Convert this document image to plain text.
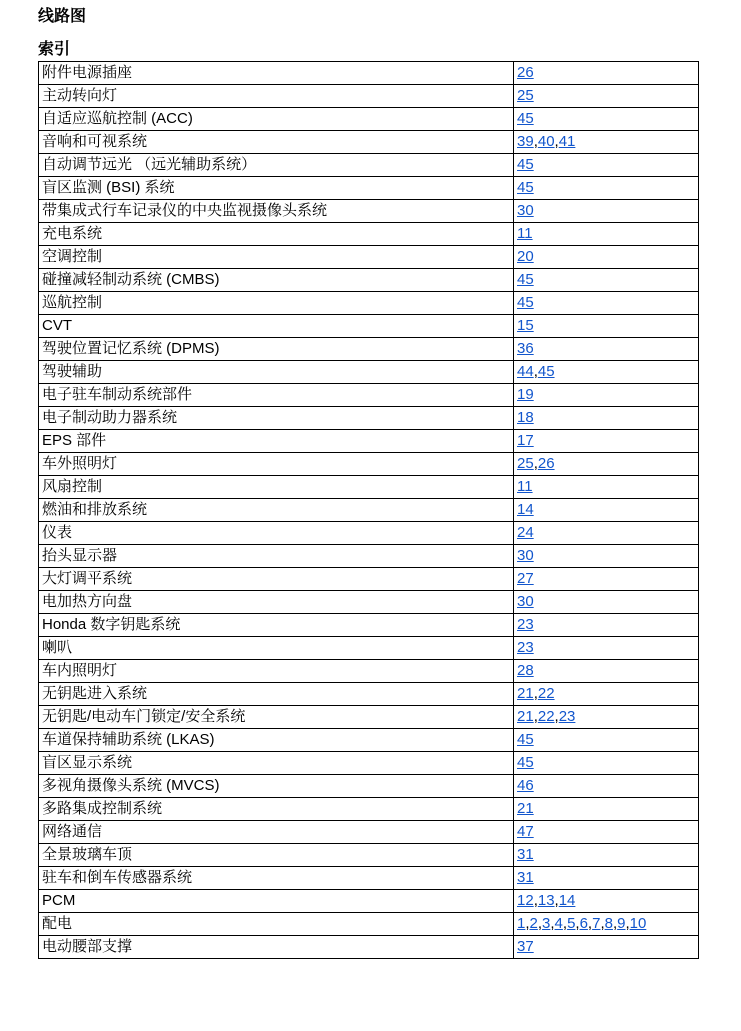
线路图
索引
附件电源插座	26
主动转向灯	25
自适应巡航控制 (ACC)	45
音响和可视系统	39,40,41
自动调节远光 （远光辅助系统）	45
盲区监测 (BSI) 系统	45
带集成式行车记录仪的中央监视摄像头系统	30
充电系统	11
空调控制	20
碰撞减轻制动系统 (CMBS)	45
巡航控制	45
CVT	15
驾驶位置记忆系统 (DPMS)	36
驾驶辅助	44,45
电子驻车制动系统部件	19
电子制动助力器系统	18
EPS 部件	17
车外照明灯	25,26
风扇控制	11
燃油和排放系统	14
仪表	24
抬头显示器	30
大灯调平系统	27
电加热方向盘	30
Honda 数字钥匙系统	23
喇叭	23
车内照明灯	28
无钥匙进入系统	21,22
无钥匙/电动车门锁定/安全系统	21,22,23
车道保持辅助系统 (LKAS)	45
盲区显示系统	45
多视角摄像头系统 (MVCS)	46
多路集成控制系统	21
网络通信	47
全景玻璃车顶	31
驻车和倒车传感器系统	31
PCM	12,13,14
配电	1,2,3,4,5,6,7,8,9,10
电动腰部支撑	37
